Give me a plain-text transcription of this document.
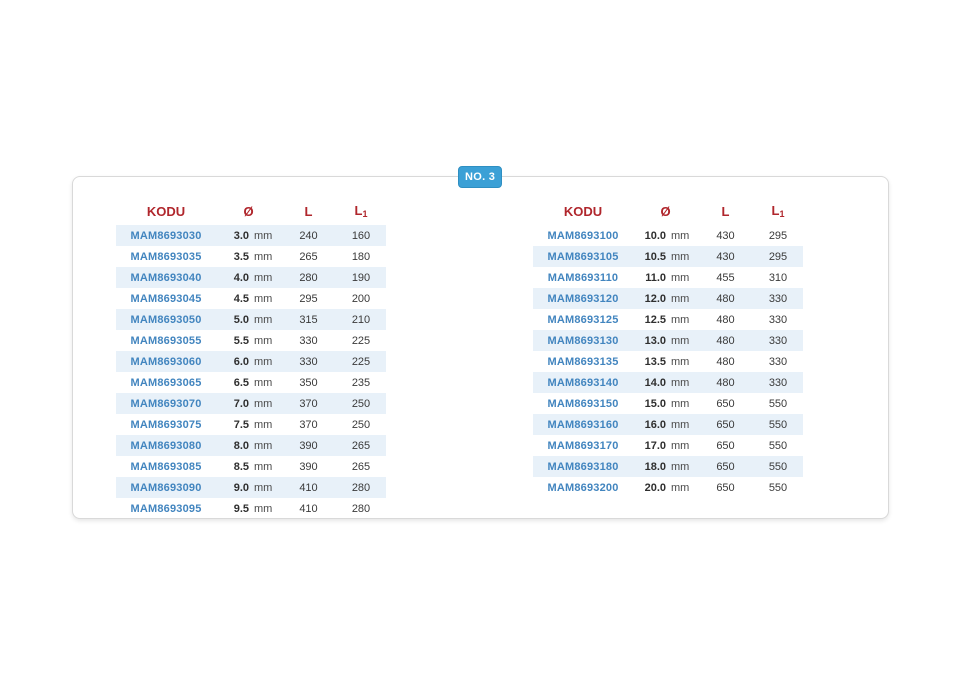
NO. 3
KODU	Ø	L	$L_1$
MAM8693030	3.0 mm	240	160
MAM8693035	3.5 mm	265	180
MAM8693040	4.0 mm	280	190
MAM8693045	4.5 mm	295	200
MAM8693050	5.0 mm	315	210
MAM8693055	5.5 mm	330	225
MAM8693060	6.0 mm	330	225
MAM8693065	6.5 mm	350	235
MAM8693070	7.0 mm	370	250
MAM8693075	7.5 mm	370	250
MAM8693080	8.0 mm	390	265
MAM8693085	8.5 mm	390	265
MAM8693090	9.0 mm	410	280
MAM8693095	9.5 mm	410	280
KODU	Ø	L	$L_1$
MAM8693100	10.0 mm	430	295
MAM8693105	10.5 mm	430	295
MAM8693110	11.0 mm	455	310
MAM8693120	12.0 mm	480	330
MAM8693125	12.5 mm	480	330
MAM8693130	13.0 mm	480	330
MAM8693135	13.5 mm	480	330
MAM8693140	14.0 mm	480	330
MAM8693150	15.0 mm	650	550
MAM8693160	16.0 mm	650	550
MAM8693170	17.0 mm	650	550
MAM8693180	18.0 mm	650	550
MAM8693200	20.0 mm	650	550
